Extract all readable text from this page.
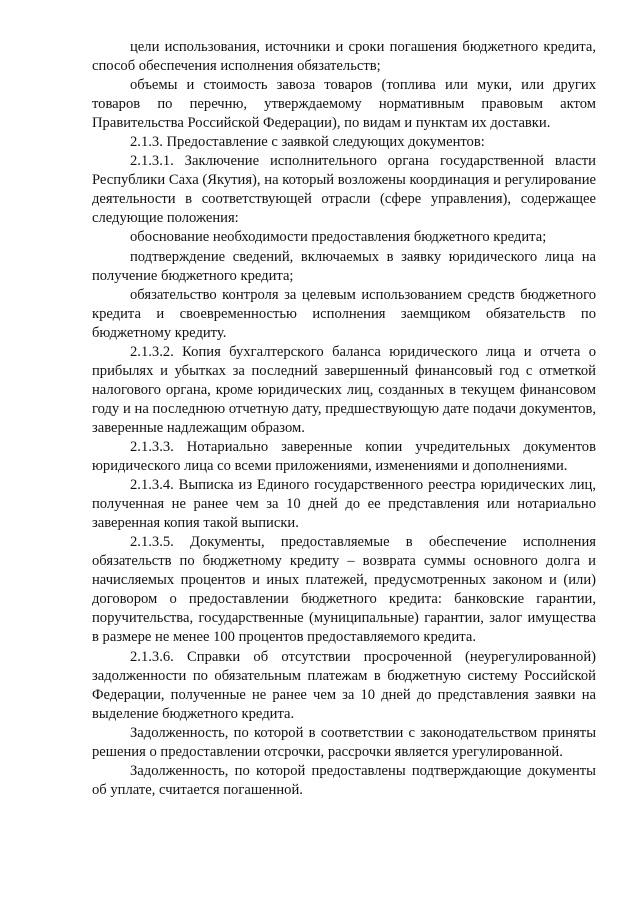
цели использования, источники и сроки погашения бюджетного кредита, способ обеспечения исполнения обязательств;

объемы и стоимость завоза товаров (топлива или муки, или других товаров по перечню, утверждаемому нормативным правовым актом Правительства Российской Федерации), по видам и пунктам их доставки.

2.1.3. Предоставление с заявкой следующих документов:

2.1.3.1. Заключение исполнительного органа государственной власти Республики Саха (Якутия), на который возложены координация и регулирование деятельности в соответствующей отрасли (сфере управления), содержащее следующие положения:

обоснование необходимости предоставления бюджетного кредита;

подтверждение сведений, включаемых в заявку юридического лица на получение бюджетного кредита;

обязательство контроля за целевым использованием средств бюджетного кредита и своевременностью исполнения заемщиком обязательств по бюджетному кредиту.

2.1.3.2. Копия бухгалтерского баланса юридического лица и отчета о прибылях и убытках за последний завершенный финансовый год с отметкой налогового органа, кроме юридических лиц, созданных в текущем финансовом году и на последнюю отчетную дату, предшествующую дате подачи документов, заверенные надлежащим образом.

2.1.3.3. Нотариально заверенные копии учредительных документов юридического лица со всеми приложениями, изменениями и дополнениями.

2.1.3.4. Выписка из Единого государственного реестра юридических лиц, полученная не ранее чем за 10 дней до ее представления или нотариально заверенная копия такой выписки.

2.1.3.5. Документы, предоставляемые в обеспечение исполнения обязательств по бюджетному кредиту – возврата суммы основного долга и начисляемых процентов и иных платежей, предусмотренных законом и (или) договором о предоставлении бюджетного кредита: банковские гарантии, поручительства, государственные (муниципальные) гарантии, залог имущества в размере не менее 100 процентов предоставляемого кредита.

2.1.3.6. Справки об отсутствии просроченной (неурегулированной) задолженности по обязательным платежам в бюджетную систему Российской Федерации, полученные не ранее чем за 10 дней до представления заявки на выделение бюджетного кредита.

Задолженность, по которой в соответствии с законодательством приняты решения о предоставлении отсрочки, рассрочки является урегулированной.

Задолженность, по которой предоставлены подтверждающие документы об уплате, считается погашенной.
